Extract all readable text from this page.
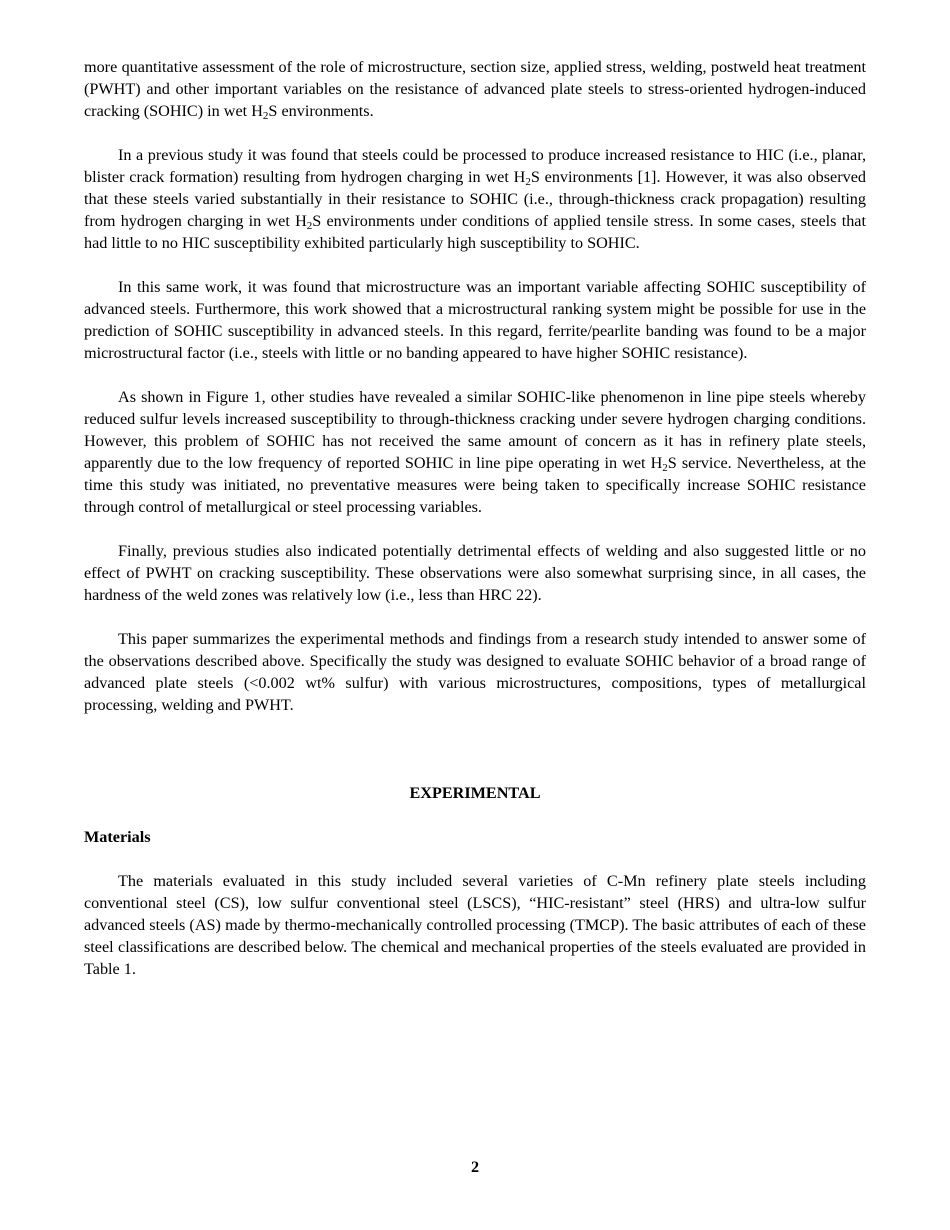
more quantitative assessment of the role of microstructure, section size, applied stress, welding, postweld heat treatment (PWHT) and other important variables on the resistance of advanced plate steels to stress-oriented hydrogen-induced cracking (SOHIC) in wet $H_2S$ environments.

In a previous study it was found that steels could be processed to produce increased resistance to HIC (i.e., planar, blister crack formation) resulting from hydrogen charging in wet $H_2S$ environments [1]. However, it was also observed that these steels varied substantially in their resistance to SOHIC (i.e., through-thickness crack propagation) resulting from hydrogen charging in wet $H_2S$ environments under conditions of applied tensile stress. In some cases, steels that had little to no HIC susceptibility exhibited particularly high susceptibility to SOHIC.

In this same work, it was found that microstructure was an important variable affecting SOHIC susceptibility of advanced steels. Furthermore, this work showed that a microstructural ranking system might be possible for use in the prediction of SOHIC susceptibility in advanced steels. In this regard, ferrite/pearlite banding was found to be a major microstructural factor (i.e., steels with little or no banding appeared to have higher SOHIC resistance).

As shown in Figure 1, other studies have revealed a similar SOHIC-like phenomenon in line pipe steels whereby reduced sulfur levels increased susceptibility to through-thickness cracking under severe hydrogen charging conditions. However, this problem of SOHIC has not received the same amount of concern as it has in refinery plate steels, apparently due to the low frequency of reported SOHIC in line pipe operating in wet $H_2S$ service. Nevertheless, at the time this study was initiated, no preventative measures were being taken to specifically increase SOHIC resistance through control of metallurgical or steel processing variables.

Finally, previous studies also indicated potentially detrimental effects of welding and also suggested little or no effect of PWHT on cracking susceptibility. These observations were also somewhat surprising since, in all cases, the hardness of the weld zones was relatively low (i.e., less than HRC 22).

This paper summarizes the experimental methods and findings from a research study intended to answer some of the observations described above. Specifically the study was designed to evaluate SOHIC behavior of a broad range of advanced plate steels (<0.002 wt% sulfur) with various microstructures, compositions, types of metallurgical processing, welding and PWHT.

EXPERIMENTAL
Materials

The materials evaluated in this study included several varieties of C-Mn refinery plate steels including conventional steel (CS), low sulfur conventional steel (LSCS), “HIC-resistant” steel (HRS) and ultra-low sulfur advanced steels (AS) made by thermo-mechanically controlled processing (TMCP). The basic attributes of each of these steel classifications are described below. The chemical and mechanical properties of the steels evaluated are provided in Table 1.

2
